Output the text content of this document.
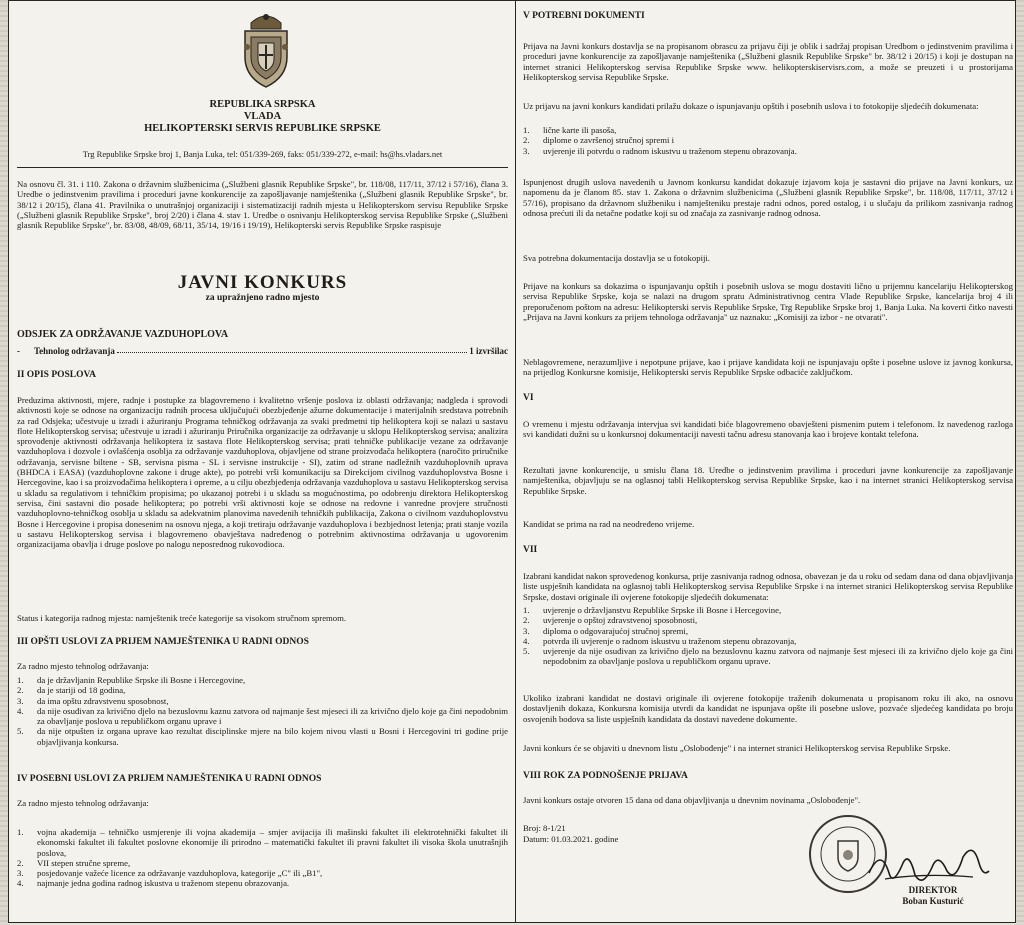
REPUBLIKA SRPSKA
VLADA
HELIKOPTERSKI SERVIS REPUBLIKE SRPSKE
Trg Republike Srpske broj 1, Banja Luka, tel: 051/339-269, faks: 051/339-272, e-mail: hs@hs.vladars.net

Na osnovu čl. 31. i 110. Zakona o državnim službenicima („Službeni glasnik Republike Srpske", br. 118/08, 117/11, 37/12 i 57/16), člana 3. Uredbe o jedinstvenim pravilima i proceduri javne konkurencije za zapošljavanje namještenika („Službeni glasnik Republike Srpske", br. 38/12 i 20/15), člana 41. Pravilnika o unutrašnjoj organizaciji i sistematizaciji radnih mjesta u Helikopterskom servisu Republike Srpske („Službeni glasnik Republike Srpske", broj 2/20) i člana 4. stav 1. Uredbe o osnivanju Helikopterskog servisa Republike Srpske („Službeni glasnik Republike Srpske", br. 83/08, 48/09, 68/11, 35/14, 19/16 i 19/19), Helikopterski servis Republike Srpske raspisuje

JAVNI KONKURS
za upražnjeno radno mjesto
ODSJEK ZA ODRŽAVANJE VAZDUHOPLOVA
- Tehnolog održavanja	1 izvršilac
II OPIS POSLOVA

Preduzima aktivnosti, mjere, radnje i postupke za blagovremeno i kvalitetno vršenje poslova iz oblasti održavanja; nadgleda i sprovodi aktivnosti koje se odnose na organizaciju radnih procesa uključujući obezbjeđenje ažurne dokumentacije i materijalnih sredstava potrebnih za rad Odsjeka; učestvuje u izradi i ažuriranju Programa tehničkog održavanja za svaki predmetni tip helikoptera koji se nalazi u sastavu flote Helikopterskog servisa; učestvuje u izradi i ažuriranju Priručnika organizacije za održavanje u sklopu Helikopterskog servisa; analizira sprovođenje aktivnosti održavanja helikoptera iz sastava flote Helikopterskog servisa; prati tehničke publikacije vezane za održavanje vazduhoplova i dozvole i ovlašćenja osoblja za održavanje vazduhoplova, objavljene od strane proizvođača helikoptera (naročito priručnike održavanja, servisne biltene - SB, servisna pisma - SL i servisne instrukcije - SI), zatim od strane nadležnih vazduhoplovnih uprava (BHDCA i EASA) (vazduhoplovne zakone i druge akte), po potrebi vrši komunikaciju sa Direkcijom civilnog vazduhoplovstva Bosne i Hercegovine, kao i sa proizvođačima helikoptera i opreme, a u cilju obezbjeđenja održavanja vazduhoplova u sastavu Helikopterskog servisa u skladu sa regulativom i tehničkim propisima; po ukazanoj potrebi i u skladu sa mogućnostima, po odobrenju direktora Helikopterskog servisa, čini sastavni dio posade helikoptera; po potrebi vrši aktivnosti koje se odnose na redovne i vanredne provjere stručnosti vazduhoplovno-tehničkog osoblja u skladu sa adekvatnim planovima navedenih tehničkih publikacija, Zakona o civilnom vazduhoplovstvu Bosne i Hercegovine i propisa donesenim na osnovu njega, a koji tretiraju održavanje vazduhoplova i bezbjednost letenja; prati stanje vozila u sastavu Helikopterskog servisa i blagovremeno obavještava nadređenog o potrebnim aktivnostima održavanja u ugovorenim organizacijama obavlja i druge poslove po nalogu neposrednog rukovodioca.

Status i kategorija radnog mjesta: namještenik treće kategorije sa visokom stručnom spremom.

III OPŠTI USLOVI ZA PRIJEM NAMJEŠTENIKA U RADNI ODNOS

Za radno mjesto tehnolog održavanja:

1.	da je državljanin Republike Srpske ili Bosne i Hercegovine,
2.	da je stariji od 18 godina,
3.	da ima opštu zdravstvenu sposobnost,
4.	da nije osuđivan za krivično djelo na bezuslovnu kaznu zatvora od najmanje šest mjeseci ili za krivično djelo koje ga čini nepodobnim za obavljanje poslova u republičkom organu uprave i
5.	da nije otpušten iz organa uprave kao rezultat disciplinske mjere na bilo kojem nivou vlasti u Bosni i Hercegovini tri godine prije objavljivanja konkursa.
IV POSEBNI USLOVI ZA PRIJEM NAMJEŠTENIKA U RADNI ODNOS

Za radno mjesto tehnolog održavanja:

1.	vojna akademija – tehničko usmjerenje ili vojna akademija – smjer avijacija ili mašinski fakultet ili elektrotehnički fakultet ili ekonomski fakultet ili fakultet poslovne ekonomije ili prirodno – matematički fakultet ili pravni fakultet ili visoka škola unutrašnjih poslova,
2.	VII stepen stručne spreme,
3.	posjedovanje važeće licence za održavanje vazduhoplova, kategorije „C" ili „B1",
4.	najmanje jedna godina radnog iskustva u traženom stepenu obrazovanja.
V POTREBNI DOKUMENTI

Prijava na Javni konkurs dostavlja se na propisanom obrascu za prijavu čiji je oblik i sadržaj propisan Uredbom o jedinstvenim pravilima i proceduri javne konkurencije za zapošljavanje namještenika („Službeni glasnik Republike Srpske" br. 38/12 i 20/15) i koji je dostupan na internet stranici Helikopterskog servisa Republike Srpske www. helikopterskiservisrs.com, a može se preuzeti i u prostorijama Helikopterskog servisa Republike Srpske.

Uz prijavu na javni konkurs kandidati prilažu dokaze o ispunjavanju opštih i posebnih uslova i to fotokopije sljedećih dokumenata:

1.	lične karte ili pasoša,
2.	diplome o završenoj stručnoj spremi i
3.	uvjerenje ili potvrdu o radnom iskustvu u traženom stepenu obrazovanja.

Ispunjenost drugih uslova navedenih u Javnom konkursu kandidat dokazuje izjavom koja je sastavni dio prijave na Javni konkurs, uz napomenu da je članom 85. stav 1. Zakona o državnim službenicima („Službeni glasnik Republike Srpske", br. 118/08, 117/11, 37/12 i 57/16), propisano da državnom službeniku i namješteniku prestaje radni odnos, pored ostalog, i u slučaju da prilikom zasnivanja radnog odnosa prećuti ili da netačne podatke koji su od značaja za zasnivanje radnog odnosa.

Sva potrebna dokumentacija dostavlja se u fotokopiji.

Prijave na konkurs sa dokazima o ispunjavanju opštih i posebnih uslova se mogu dostaviti lično u prijemnu kancelariju Helikopterskog servisa Republike Srpske, koja se nalazi na drugom spratu Administrativnog centra Vlade Republike Srpske, kancelarija broj 4 ili preporučenom poštom na adresu: Helikopterski servis Republike Srpske, Trg Republike Srpske broj 1, Banja Luka. Na koverti čitko navesti „Prijava na Javni konkurs za prijem tehnologa održavanja" uz naznaku: „Komisiji za izbor - ne otvarati".

Neblagovremene, nerazumljive i nepotpune prijave, kao i prijave kandidata koji ne ispunjavaju opšte i posebne uslove iz javnog konkursa, na prijedlog Konkursne komisije, Helikopterski servis Republike Srpske odbaciće zaključkom.

VI

O vremenu i mjestu održavanja intervjua svi kandidati biće blagovremeno obavješteni pismenim putem i telefonom. Iz navedenog razloga svi kandidati dužni su u konkursnoj dokumentaciji navesti tačnu adresu stanovanja kao i brojeve kontakt telefona.

Rezultati javne konkurencije, u smislu člana 18. Uredbe o jedinstvenim pravilima i proceduri javne konkurencije za zapošljavanje namještenika, objavljuju se na oglasnoj tabli Helikopterskog servisa Republike Srpske, kao i na internet stranici Helikopterskog servisa Republike Srpske.

Kandidat se prima na rad na neodređeno vrijeme.

VII

Izabrani kandidat nakon sprovedenog konkursa, prije zasnivanja radnog odnosa, obavezan je da u roku od sedam dana od dana objavljivanja liste uspješnih kandidata na oglasnoj tabli Helikopterskog servisa Republike Srpske i na internet stranici Helikopterskog servisa Republike Srpske, dostavi originale ili ovjerene fotokopije sljedećih dokumenata:

1.	uvjerenje o državljanstvu Republike Srpske ili Bosne i Hercegovine,
2.	uvjerenje o opštoj zdravstvenoj sposobnosti,
3.	diploma o odgovarajućoj stručnoj spremi,
4.	potvrda ili uvjerenje o radnom iskustvu u traženom stepenu obrazovanja,
5.	uvjerenje da nije osuđivan za krivično djelo na bezuslovnu kaznu zatvora od najmanje šest mjeseci ili za krivično djelo koje ga čini nepodobnim za obavljanje poslova u republičkom organu uprave.

Ukoliko izabrani kandidat ne dostavi originale ili ovjerene fotokopije traženih dokumenata u propisanom roku ili ako, na osnovu dostavljenih dokaza, Konkursna komisija utvrdi da kandidat ne ispunjava opšte ili posebne uslove, pozvaće sljedećeg kandidata po broju osvojenih bodova sa liste uspješnih kandidata da dostavi navedene dokumente.

Javni konkurs će se objaviti u dnevnom listu „Oslobođenje" i na internet stranici Helikopterskog servisa Republike Srpske.

VIII ROK ZA PODNOŠENJE PRIJAVA

Javni konkurs ostaje otvoren 15 dana od dana objavljivanja u dnevnim novinama „Oslobođenje".

Broj: 8-1/21

Datum: 01.03.2021. godine

DIREKTOR
Boban Kusturić
